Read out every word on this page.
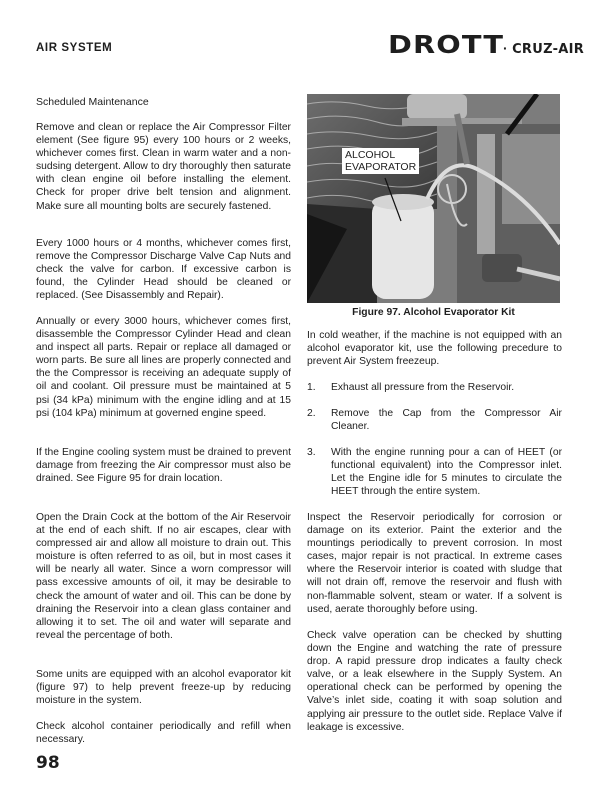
AIR SYSTEM	DROTT· CRUZ-AIR
Scheduled Maintenance

Remove and clean or replace the Air Compressor Filter element (See figure 95) every 100 hours or 2 weeks, whichever comes first. Clean in warm water and a non-sudsing detergent. Allow to dry thoroughly then saturate with clean engine oil before installing the element. Check for proper drive belt tension and alignment. Make sure all mounting bolts are securely fastened.

Every 1000 hours or 4 months, whichever comes first, remove the Compressor Discharge Valve Cap Nuts and check the valve for carbon. If excessive carbon is found, the Cylinder Head should be cleaned or replaced. (See Disassembly and Repair).

Annually or every 3000 hours, whichever comes first, disassemble the Compressor Cylinder Head and clean and inspect all parts. Repair or replace all damaged or worn parts. Be sure all lines are properly connected and the the Compressor is receiving an adequate supply of oil and coolant. Oil pressure must be maintained at 5 psi (34 kPa) minimum with the engine idling and at 15 psi (104 kPa) minimum at governed engine speed.

If the Engine cooling system must be drained to prevent damage from freezing the Air compressor must also be drained. See Figure 95 for drain location.

Open the Drain Cock at the bottom of the Air Reservoir at the end of each shift. If no air escapes, clear with compressed air and allow all moisture to drain out. This moisture is often referred to as oil, but in most cases it will be nearly all water. Since a worn compressor will pass excessive amounts of oil, it may be desirable to check the amount of water and oil. This can be done by draining the Reservoir into a clean glass container and allowing it to set. The oil and water will separate and reveal the percentage of both.

Some units are equipped with an alcohol evaporator kit (figure 97) to help prevent freeze-up by reducing moisture in the system.

Check alcohol container periodically and refill when necessary.

ALCOHOL
EVAPORATOR
Figure 97. Alcohol Evaporator Kit

In cold weather, if the machine is not equipped with an alcohol evaporator kit, use the following precedure to prevent Air System freezeup.

1.	Exhaust all pressure from the Reservoir.
2.	Remove the Cap from the Compressor Air Cleaner.
3.	With the engine running pour a can of HEET (or functional equivalent) into the Compressor inlet. Let the Engine idle for 5 minutes to circulate the HEET through the entire system.

Inspect the Reservoir periodically for corrosion or damage on its exterior. Paint the exterior and the mountings periodically to prevent corrosion. In most cases, major repair is not practical. In extreme cases where the Reservoir interior is coated with sludge that will not drain off, remove the reservoir and flush with non-flammable solvent, steam or water. If a solvent is used, aerate thoroughly before using.

Check valve operation can be checked by shutting down the Engine and watching the rate of pressure drop. A rapid pressure drop indicates a faulty check valve, or a leak elsewhere in the Supply System. An operational check can be performed by opening the Valve’s inlet side, coating it with soap solution and applying air pressure to the outlet side. Replace Valve if leakage is excessive.

98
